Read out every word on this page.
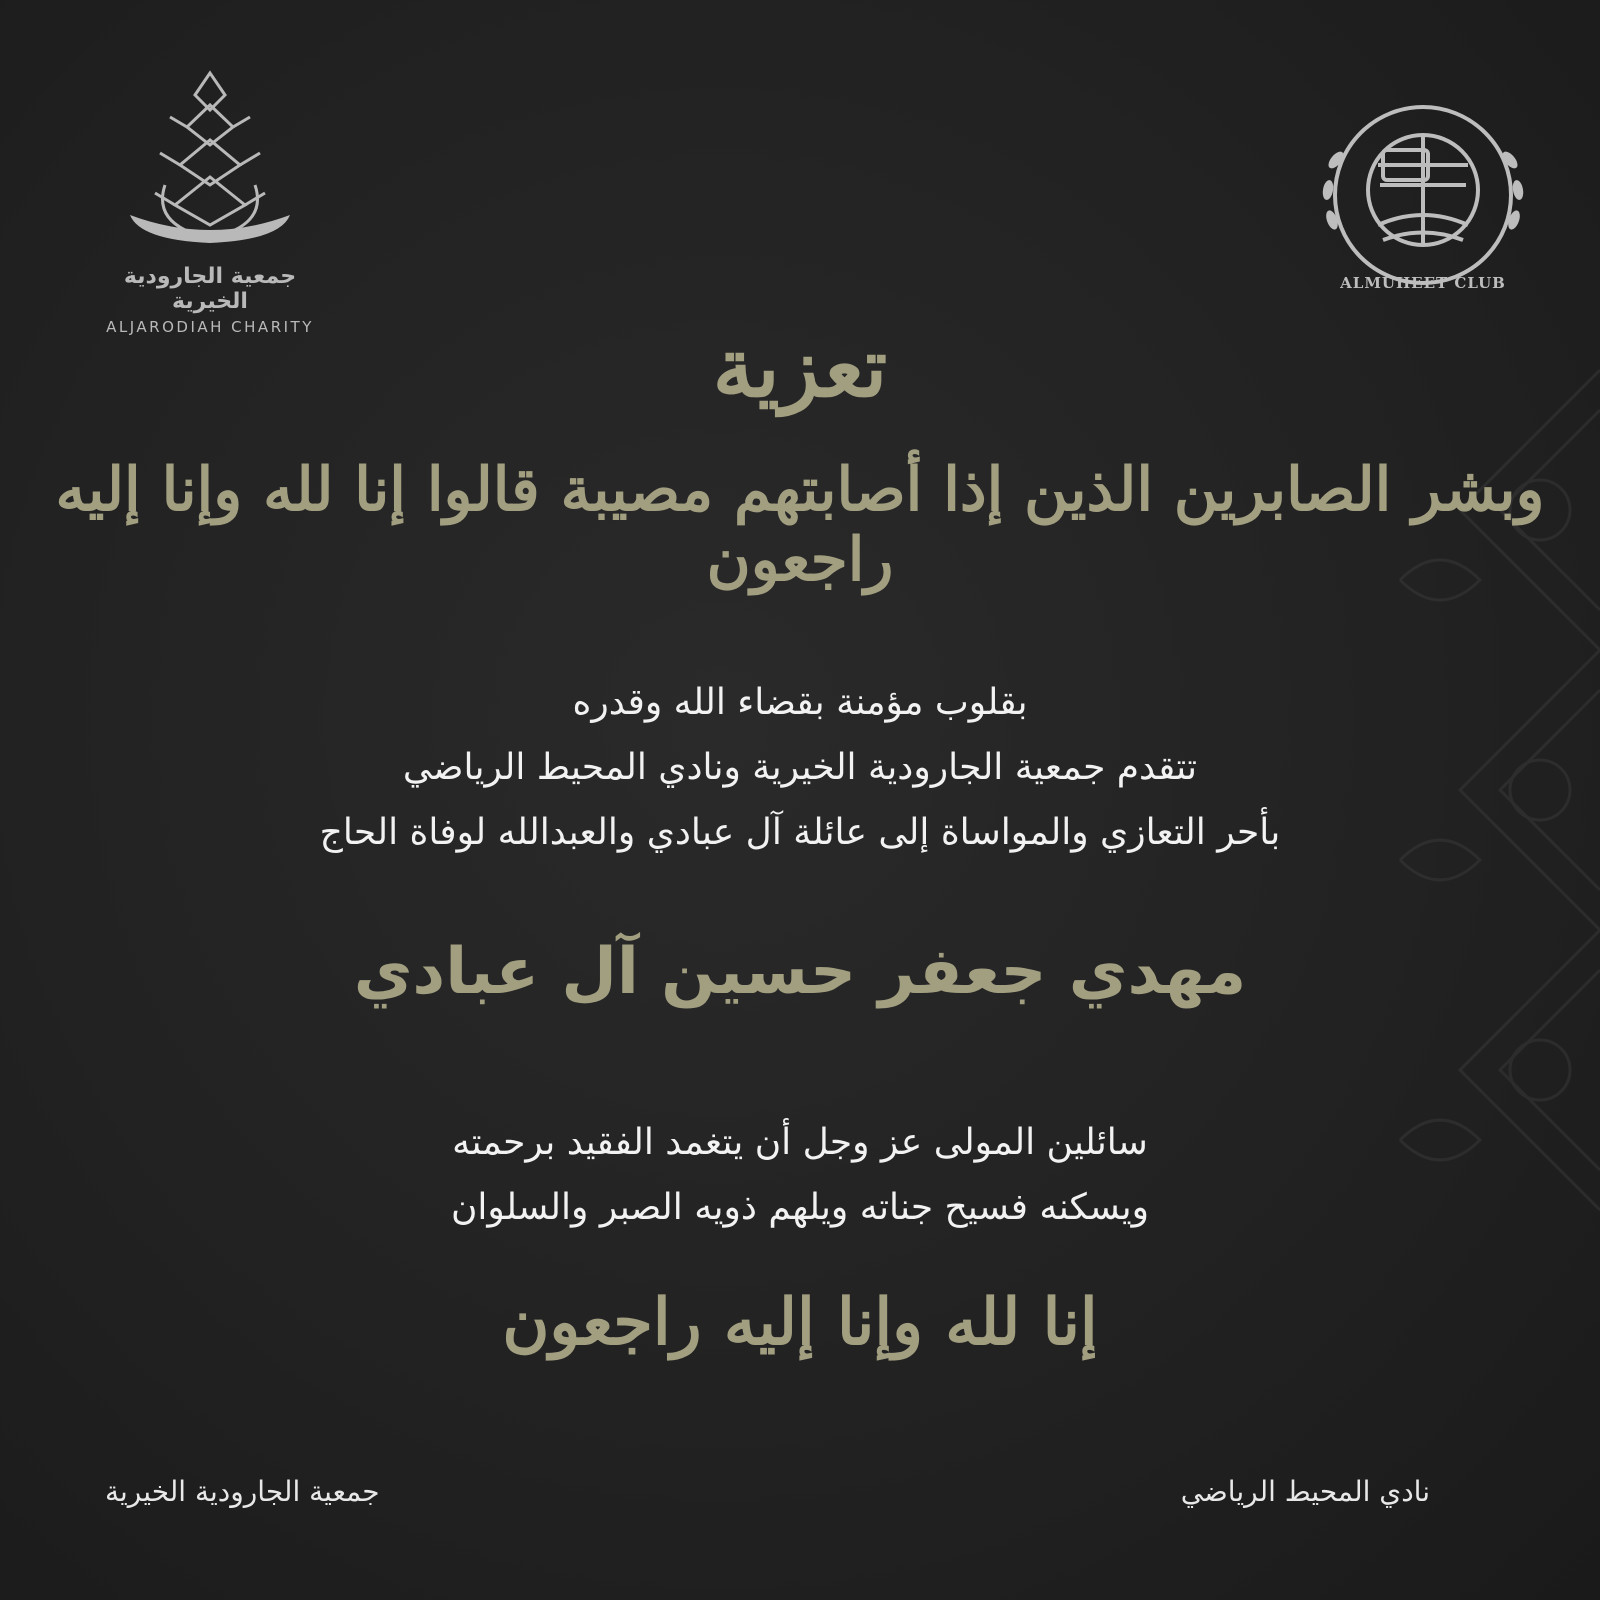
جمعية الجارودية الخيرية
ALJARODIAH CHARITY
ALMUHEET CLUB
تعزية
وبشر الصابرين الذين إذا أصابتهم مصيبة قالوا إنا لله وإنا إليه راجعون
بقلوب مؤمنة بقضاء الله وقدره
تتقدم جمعية الجارودية الخيرية ونادي المحيط الرياضي
بأحر التعازي والمواساة إلى عائلة آل عبادي والعبدالله لوفاة الحاج
مهدي جعفر حسين آل عبادي
سائلين المولى عز وجل أن يتغمد الفقيد برحمته
ويسكنه فسيح جناته ويلهم ذويه الصبر والسلوان
إنا لله وإنا إليه راجعون
جمعية الجارودية الخيرية	نادي المحيط الرياضي
